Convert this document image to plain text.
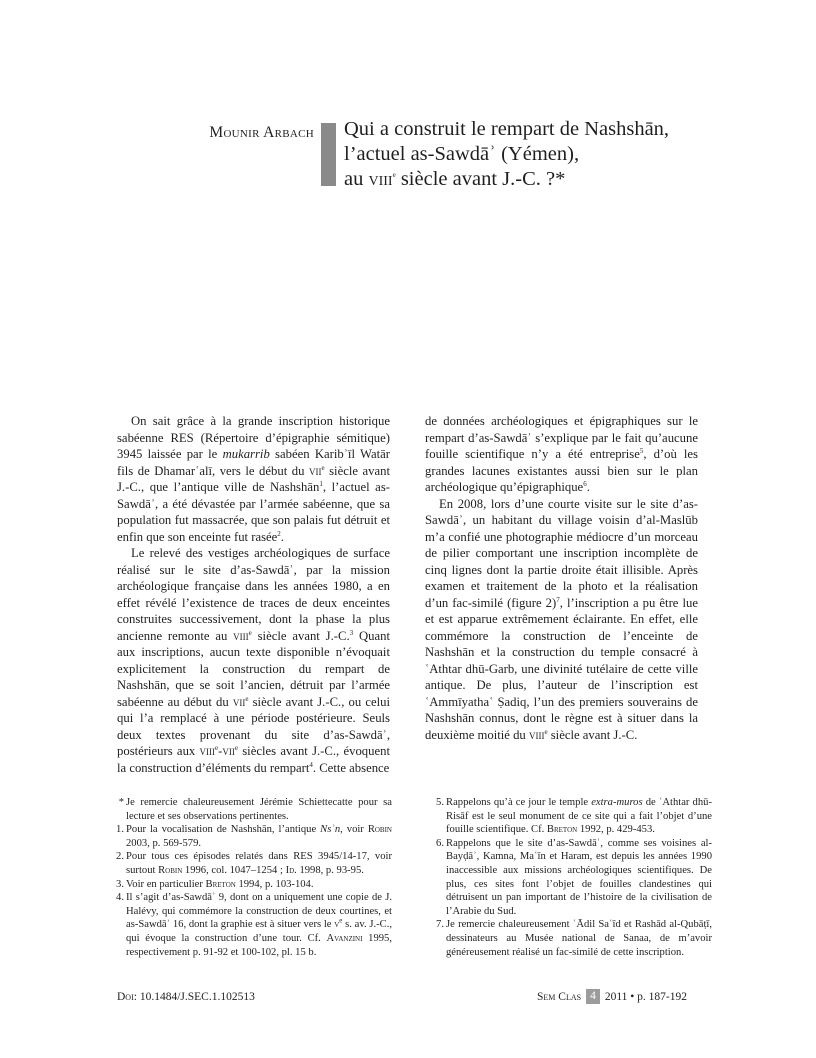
Mounir Arbach Qui a construit le rempart de Nashshān,
l’actuel as-Sawdāʾ (Yémen),
au viii$^e$ siècle avant J.-C. ?*

On sait grâce à la grande inscription historique sabéenne RES (Répertoire d’épigraphie sémitique) 3945 laissée par le mukarrib sabéen Karibʾīl Watār fils de Dhamarʿalī, vers le début du vii$^e$ siècle avant J.-C., que l’antique ville de Nashshān$^1$, l’actuel as-Sawdāʾ, a été dévastée par l’armée sabéenne, que sa population fut massacrée, que son palais fut détruit et enfin que son enceinte fut rasée$^2$.

Le relevé des vestiges archéologiques de surface réalisé sur le site d’as-Sawdāʾ, par la mission archéologique française dans les années 1980, a en effet révélé l’existence de traces de deux enceintes construites successivement, dont la phase la plus ancienne remonte au viii$^e$ siècle avant J.-C.$^3$ Quant aux inscriptions, aucun texte disponible n’évoquait explicitement la construction du rempart de Nashshān, que se soit l’ancien, détruit par l’armée sabéenne au début du vii$^e$ siècle avant J.-C., ou celui qui l’a remplacé à une période postérieure. Seuls deux textes provenant du site d’as-Sawdāʾ, postérieurs aux viii$^e$-vii$^e$ siècles avant J.-C., évoquent la construction d’éléments du rempart$^4$. Cette absence

de données archéologiques et épigraphiques sur le rempart d’as-Sawdāʾ s’explique par le fait qu’aucune fouille scientifique n’y a été entreprise$^5$, d’où les grandes lacunes existantes aussi bien sur le plan archéologique qu’épigraphique$^6$.

En 2008, lors d’une courte visite sur le site d’as-Sawdāʾ, un habitant du village voisin d’al-Maslūb m’a confié une photographie médiocre d’un morceau de pilier comportant une inscription incomplète de cinq lignes dont la partie droite était illisible. Après examen et traitement de la photo et la réalisation d’un fac-similé (figure 2)$^7$, l’inscription a pu être lue et est apparue extrêmement éclairante. En effet, elle commémore la construction de l’enceinte de Nashshān et la construction du temple consacré à ʿAthtar dhū-Garb, une divinité tutélaire de cette ville antique. De plus, l’auteur de l’inscription est ʿAmmīyathaʿ Ṣadiq, l’un des premiers souverains de Nashshān connus, dont le règne est à situer dans la deuxième moitié du viii$^e$ siècle avant J.-C.

* Je remercie chaleureusement Jérémie Schiettecatte pour sa lecture et ses observations pertinentes.
1. Pour la vocalisation de Nashshān, l’antique Nsʾn, voir Robin 2003, p. 569-579.
2. Pour tous ces épisodes relatés dans RES 3945/14-17, voir surtout Robin 1996, col. 1047–1254 ; Id. 1998, p. 93-95.
3. Voir en particulier Breton 1994, p. 103-104.
4. Il s’agit d’as-Sawdāʾ 9, dont on a uniquement une copie de J. Halévy, qui commémore la construction de deux courtines, et as-Sawdāʾ 16, dont la graphie est à situer vers le $v^e$ s. av. J.-C., qui évoque la construction d’une tour. Cf. Avanzini 1995, respectivement p. 91-92 et 100-102, pl. 15 b.
5. Rappelons qu’à ce jour le temple extra-muros de ʿAthtar dhū-Risāf est le seul monument de ce site qui a fait l’objet d’une fouille scientifique. Cf. Breton 1992, p. 429-453.
6. Rappelons que le site d’as-Sawdāʾ, comme ses voisines al-Bayḍāʾ, Kamna, Maʿīn et Haram, est depuis les années 1990 inaccessible aux missions archéologiques scientifiques. De plus, ces sites font l’objet de fouilles clandestines qui détruisent un pan important de l’histoire de la civilisation de l’Arabie du Sud.
7. Je remercie chaleureusement ʿĀdil Saʿīd et Rashād al-Qubāṭī, dessinateurs au Musée national de Sanaa, de m’avoir généreusement réalisé un fac-similé de cette inscription.
Doi: 10.1484/J.SEC.1.102513	Sem Clas 4 2011 • p. 187-192
